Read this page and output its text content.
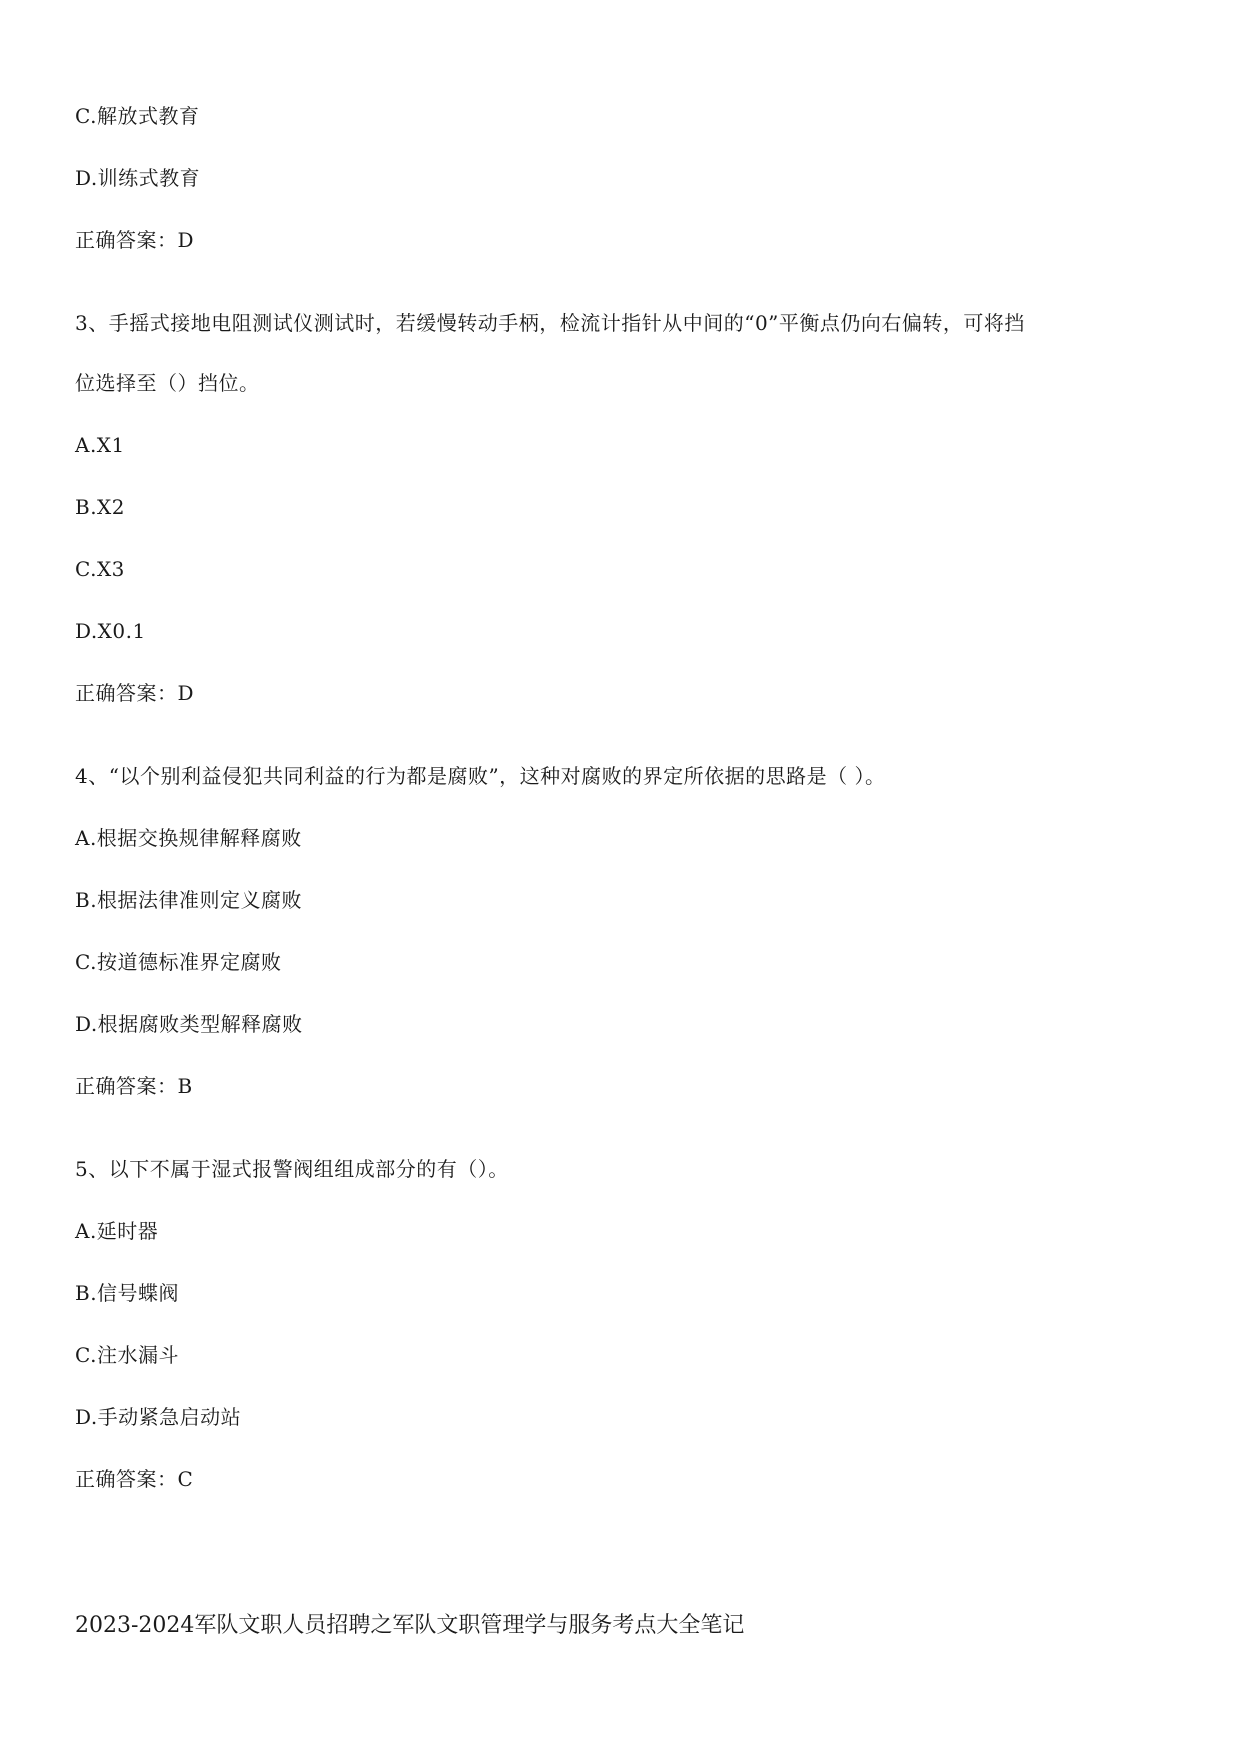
C.解放式教育
D.训练式教育
正确答案：D
3、手摇式接地电阻测试仪测试时，若缓慢转动手柄，检流计指针从中间的“0”平衡点仍向右偏转，可将挡
位选择至（）挡位。
A.X1
B.X2
C.X3
D.X0.1
正确答案：D
4、“以个别利益侵犯共同利益的行为都是腐败”，这种对腐败的界定所依据的思路是（ ）。
A.根据交换规律解释腐败
B.根据法律准则定义腐败
C.按道德标准界定腐败
D.根据腐败类型解释腐败
正确答案：B
5、以下不属于湿式报警阀组组成部分的有（）。
A.延时器
B.信号蝶阀
C.注水漏斗
D.手动紧急启动站
正确答案：C
2023-2024军队文职人员招聘之军队文职管理学与服务考点大全笔记
